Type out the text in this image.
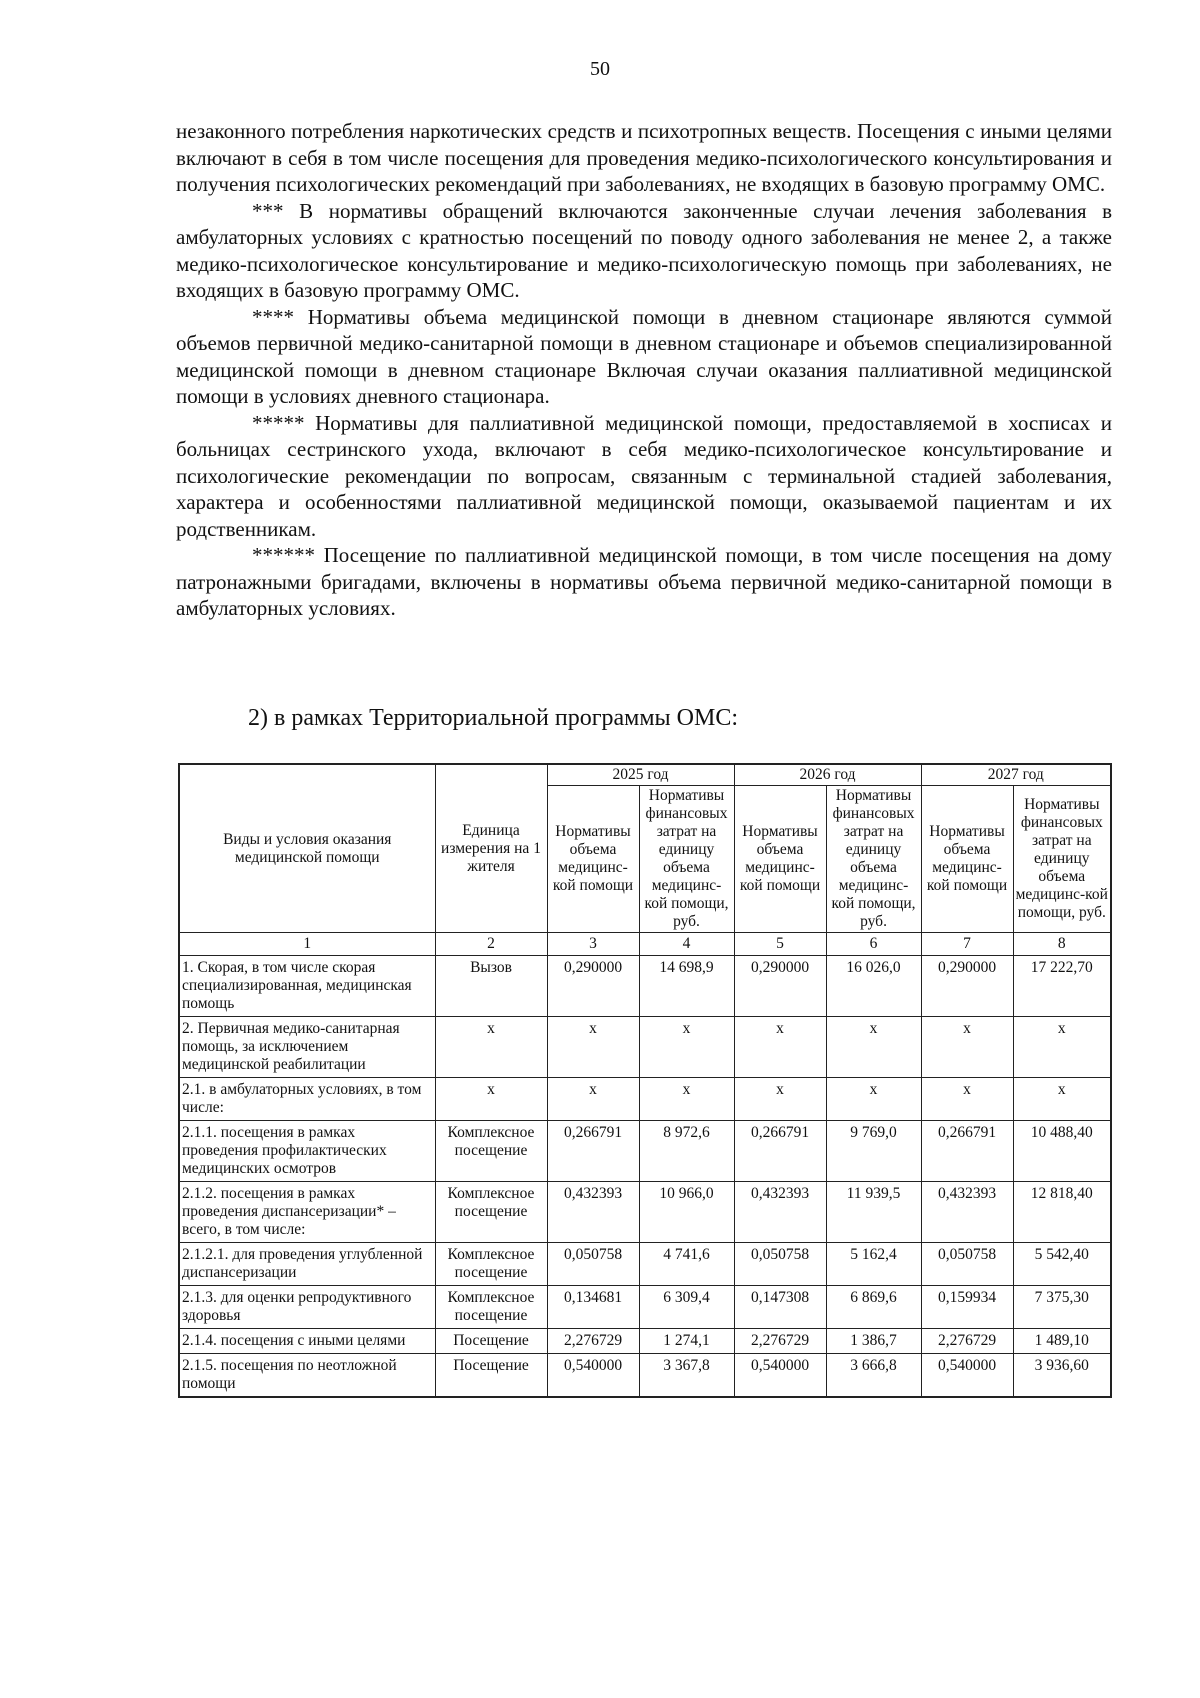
50

незаконного потребления наркотических средств и психотропных веществ. Посещения с иными целями включают в себя в том числе посещения для проведения медико-психологического консультирования и получения психологических рекомендаций при заболеваниях, не входящих в базовую программу ОМС.

*** В нормативы обращений включаются законченные случаи лечения заболевания в амбулаторных условиях с кратностью посещений по поводу одного заболевания не менее 2, а также медико-психологическое консультирование и медико-психологическую помощь при заболеваниях, не входящих в базовую программу ОМС.

**** Нормативы объема медицинской помощи в дневном стационаре являются суммой объемов первичной медико-санитарной помощи в дневном стационаре и объемов специализированной медицинской помощи в дневном стационаре Включая случаи оказания паллиативной медицинской помощи в условиях дневного стационара.

***** Нормативы для паллиативной медицинской помощи, предоставляемой в хосписах и больницах сестринского ухода, включают в себя медико-психологическое консультирование и психологические рекомендации по вопросам, связанным с терминальной стадией заболевания, характера и особенностями паллиативной медицинской помощи, оказываемой пациентам и их родственникам.

****** Посещение по паллиативной медицинской помощи, в том числе посещения на дому патронажными бригадами, включены в нормативы объема первичной медико-санитарной помощи в амбулаторных условиях.

2) в рамках Территориальной программы ОМС:
Виды и условия оказания медицинской помощи	Единица измерения на 1 жителя	2025 год		2026 год		2027 год	
		Нормативы объема медицинс-кой помощи	Нормативы финансовых затрат на единицу объема медицинс-кой помощи, руб.	Нормативы объема медицинс-кой помощи	Нормативы финансовых затрат на единицу объема медицинс-кой помощи, руб.	Нормативы объема медицинс-кой помощи	Нормативы финансовых затрат на единицу объема медицинс-кой помощи, руб.
1	2	3	4	5	6	7	8
1. Скорая, в том числе скорая специализированная, медицинская помощь	Вызов	0,290000	14 698,9	0,290000	16 026,0	0,290000	17 222,70
2. Первичная медико-санитарная помощь, за исключением медицинской реабилитации	х	х	х	х	х	х	х
2.1. в амбулаторных условиях, в том числе:	х	х	х	х	х	х	х
2.1.1. посещения в рамках проведения профилактических медицинских осмотров	Комплексное посещение	0,266791	8 972,6	0,266791	9 769,0	0,266791	10 488,40
2.1.2. посещения в рамках проведения диспансеризации* – всего, в том числе:	Комплексное посещение	0,432393	10 966,0	0,432393	11 939,5	0,432393	12 818,40
2.1.2.1. для проведения углубленной диспансеризации	Комплексное посещение	0,050758	4 741,6	0,050758	5 162,4	0,050758	5 542,40
2.1.3. для оценки репродуктивного здоровья	Комплексное посещение	0,134681	6 309,4	0,147308	6 869,6	0,159934	7 375,30
2.1.4. посещения с иными целями	Посещение	2,276729	1 274,1	2,276729	1 386,7	2,276729	1 489,10
2.1.5. посещения по неотложной помощи	Посещение	0,540000	3 367,8	0,540000	3 666,8	0,540000	3 936,60
